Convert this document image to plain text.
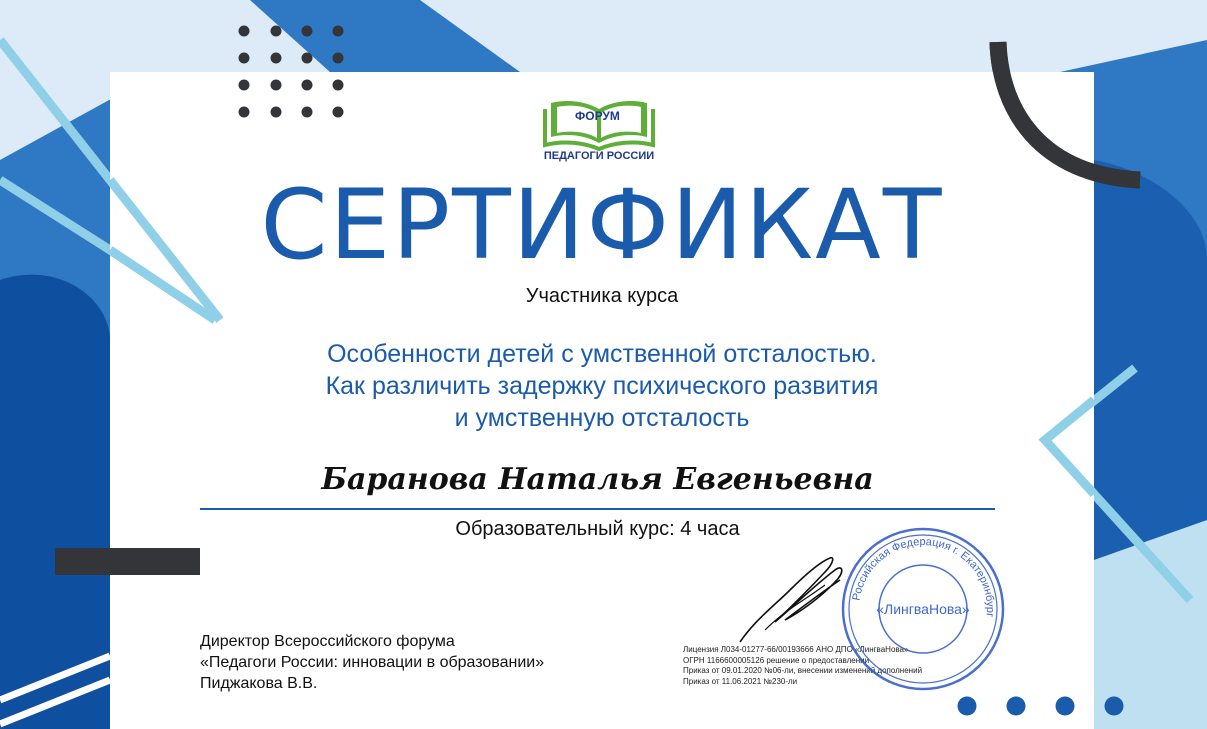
ФОРУМ
ПЕДАГОГИ РОССИИ
СЕРТИФИКАТ
Участника курса
Особенности детей с умственной отсталостью.
Как различить задержку психического развития
и умственную отсталость
Баранова Наталья Евгеньевна
Образовательный курс: 4 часа
Директор Всероссийского форума
«Педагоги России: инновации в образовании»
Пиджакова В.В.
Лицензия Л034-01277-66/00193666 АНО ДПО «ЛингваНова»
ОГРН 1166600005126 решение о предоставлении
Приказ от 09.01.2020 №06-ли, внесении изменений дополнений
Приказ от 11.06.2021 №230-ли
Российская Федерация г. Екатеринбург
«ЛингваНова»
